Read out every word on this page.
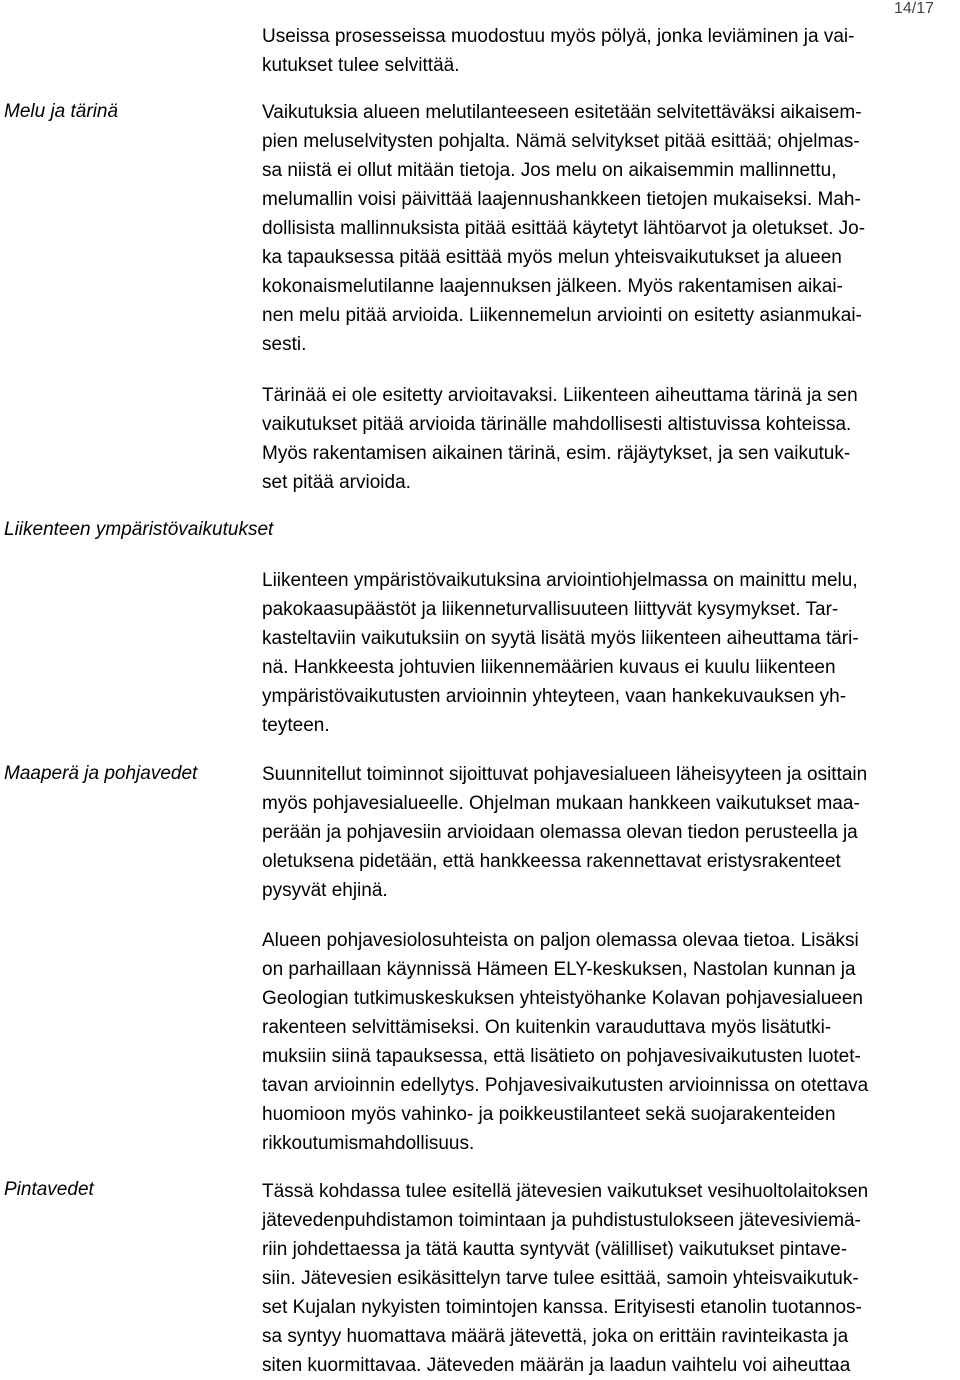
14/17
Melu ja tärinä
Liikenteen ympäristövaikutukset
Maaperä ja pohjavedet
Pintavedet
Useissa prosesseissa muodostuu myös pölyä, jonka leviäminen ja vai-
kutukset tulee selvittää.
Vaikutuksia alueen melutilanteeseen esitetään selvitettäväksi aikaisem-
pien meluselvitysten pohjalta. Nämä selvitykset pitää esittää; ohjelmas-
sa niistä ei ollut mitään tietoja. Jos melu on aikaisemmin mallinnettu,
melumallin voisi päivittää laajennushankkeen tietojen mukaiseksi. Mah-
dollisista mallinnuksista pitää esittää käytetyt lähtöarvot ja oletukset. Jo-
ka tapauksessa pitää esittää myös melun yhteisvaikutukset ja alueen
kokonaismelutilanne laajennuksen jälkeen. Myös rakentamisen aikai-
nen melu pitää arvioida. Liikennemelun arviointi on esitetty asianmukai-
sesti.
Tärinää ei ole esitetty arvioitavaksi. Liikenteen aiheuttama tärinä ja sen
vaikutukset pitää arvioida tärinälle mahdollisesti altistuvissa kohteissa.
Myös rakentamisen aikainen tärinä, esim. räjäytykset, ja sen vaikutuk-
set pitää arvioida.
Liikenteen ympäristövaikutuksina arviointiohjelmassa on mainittu melu,
pakokaasupäästöt ja liikenneturvallisuuteen liittyvät kysymykset. Tar-
kasteltaviin vaikutuksiin on syytä lisätä myös liikenteen aiheuttama täri-
nä. Hankkeesta johtuvien liikennemäärien kuvaus ei kuulu liikenteen
ympäristövaikutusten arvioinnin yhteyteen, vaan hankekuvauksen yh-
teyteen.
Suunnitellut toiminnot sijoittuvat pohjavesialueen läheisyyteen ja osittain
myös pohjavesialueelle. Ohjelman mukaan hankkeen vaikutukset maa-
perään ja pohjavesiin arvioidaan olemassa olevan tiedon perusteella ja
oletuksena pidetään, että hankkeessa rakennettavat eristysrakenteet
pysyvät ehjinä.
Alueen pohjavesiolosuhteista on paljon olemassa olevaa tietoa. Lisäksi
on parhaillaan käynnissä Hämeen ELY-keskuksen, Nastolan kunnan ja
Geologian tutkimuskeskuksen yhteistyöhanke Kolavan pohjavesialueen
rakenteen selvittämiseksi. On kuitenkin varauduttava myös lisätutki-
muksiin siinä tapauksessa, että lisätieto on pohjavesivaikutusten luotet-
tavan arvioinnin edellytys. Pohjavesivaikutusten arvioinnissa on otettava
huomioon myös vahinko- ja poikkeustilanteet sekä suojarakenteiden
rikkoutumismahdollisuus.
Tässä kohdassa tulee esitellä jätevesien vaikutukset vesihuoltolaitoksen
jätevedenpuhdistamon toimintaan ja puhdistustulokseen jätevesiviemä-
riin johdettaessa ja tätä kautta syntyvät (välilliset) vaikutukset pintave-
siin. Jätevesien esikäsittelyn tarve tulee esittää, samoin yhteisvaikutuk-
set Kujalan nykyisten toimintojen kanssa. Erityisesti etanolin tuotannos-
sa syntyy huomattava määrä jätevettä, joka on erittäin ravinteikasta ja
siten kuormittavaa. Jäteveden määrän ja laadun vaihtelu voi aiheuttaa
